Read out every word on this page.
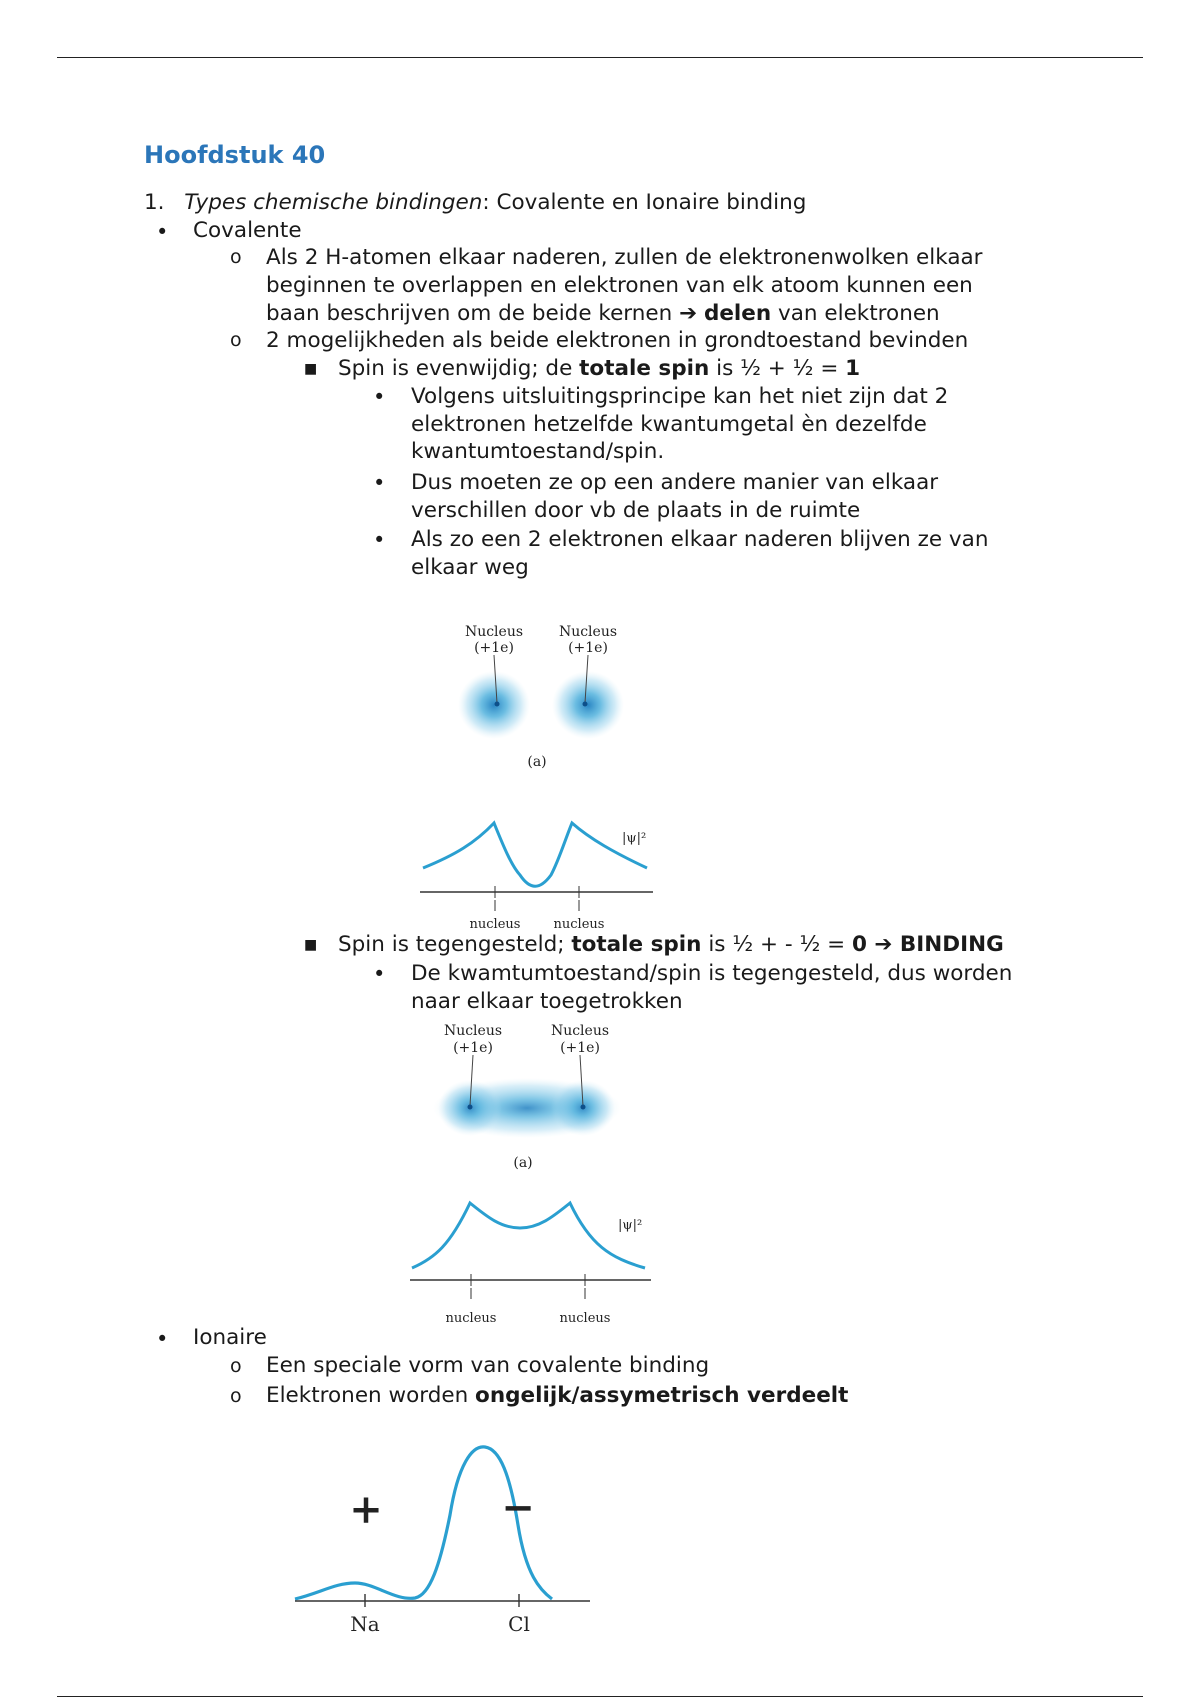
Hoofdstuk 40

1. Types chemische bindingen: Covalente en Ionaire binding

• Covalente

o Als 2 H-atomen elkaar naderen, zullen de elektronenwolken elkaar

beginnen te overlappen en elektronen van elk atoom kunnen een

baan beschrijven om de beide kernen ➔ delen van elektronen

o 2 mogelijkheden als beide elektronen in grondtoestand bevinden

■ Spin is evenwijdig; de totale spin is ½ + ½ = 1

• Volgens uitsluitingsprincipe kan het niet zijn dat 2

elektronen hetzelfde kwantumgetal èn dezelfde

kwantumtoestand/spin.

• Dus moeten ze op een andere manier van elkaar

verschillen door vb de plaats in de ruimte

• Als zo een 2 elektronen elkaar naderen blijven ze van

elkaar weg

Nucleus
(+1e)
Nucleus
(+1e)
(a)
|ψ|²
nucleus	nucleus
■ Spin is tegengesteld; totale spin is ½ + - ½ = 0 ➔ BINDING

• De kwamtumtoestand/spin is tegengesteld, dus worden

naar elkaar toegetrokken

Nucleus
(+1e)
Nucleus
(+1e)
(a)
|ψ|²
nucleus	nucleus
• Ionaire

o Een speciale vorm van covalente binding

o Elektronen worden ongelijk/assymetrisch verdeelt

+	−
Na	Cl
